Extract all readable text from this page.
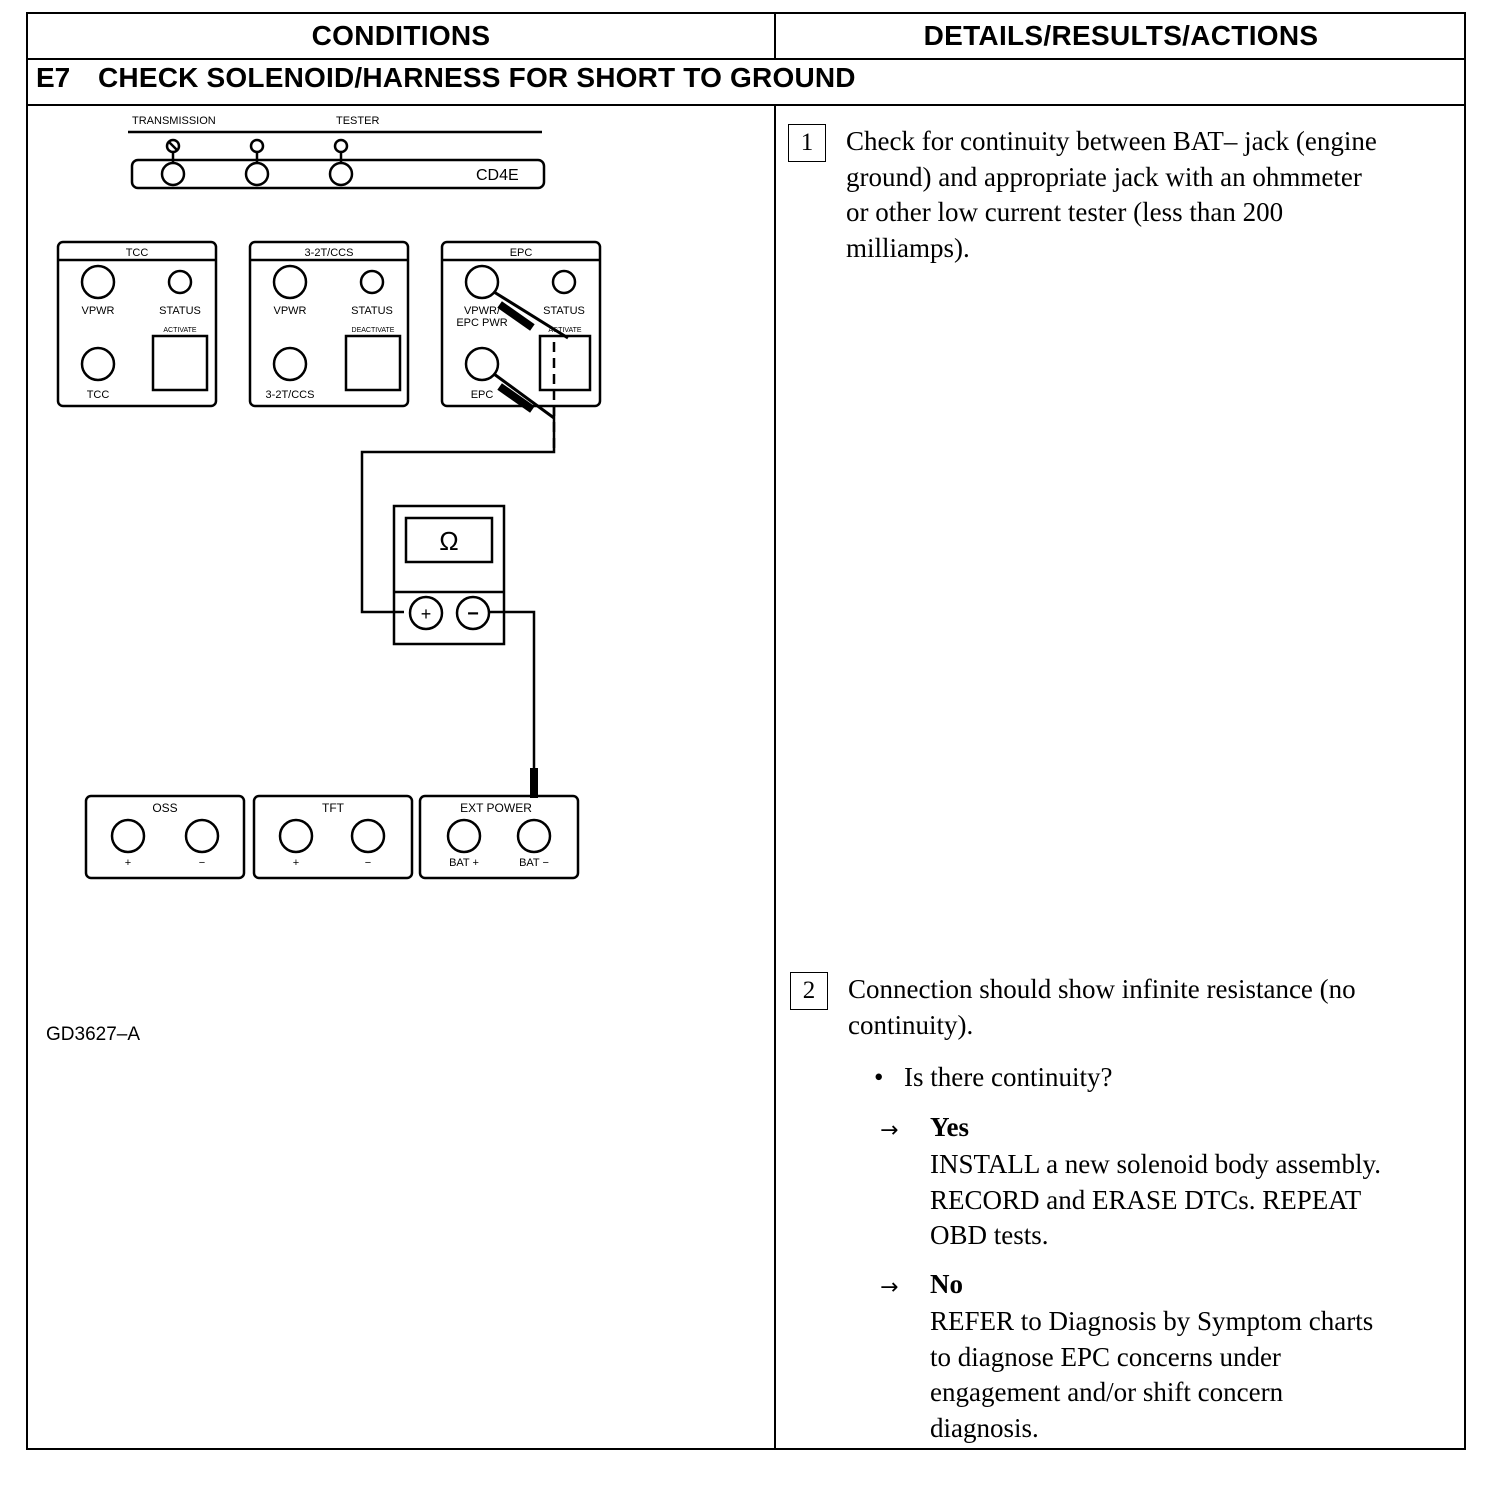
CONDITIONS	DETAILS/RESULTS/ACTIONS
E7 CHECK SOLENOID/HARNESS FOR SHORT TO GROUND
TRANSMISSION	TESTER
CD4E
TCC
VPWR	STATUS
ACTIVATE
TCC
3-2T/CCS
VPWR	STATUS
DEACTIVATE
3-2T/CCS
EPC
VPWR/
EPC PWR
STATUS
ACTIVATE
EPC
Ω
+ −
OSS
+	−
TFT
+	−
EXT POWER
BAT +	BAT −
GD3627–A
1	Check for continuity between BAT– jack (engine
ground) and appropriate jack with an ohmmeter
or other low current tester (less than 200
milliamps).
2	Connection should show infinite resistance (no
continuity).
• Is there continuity?
→ Yes
INSTALL a new solenoid body assembly.
RECORD and ERASE DTCs. REPEAT
OBD tests.
→ No
REFER to Diagnosis by Symptom charts
to diagnose EPC concerns under
engagement and/or shift concern
diagnosis.
